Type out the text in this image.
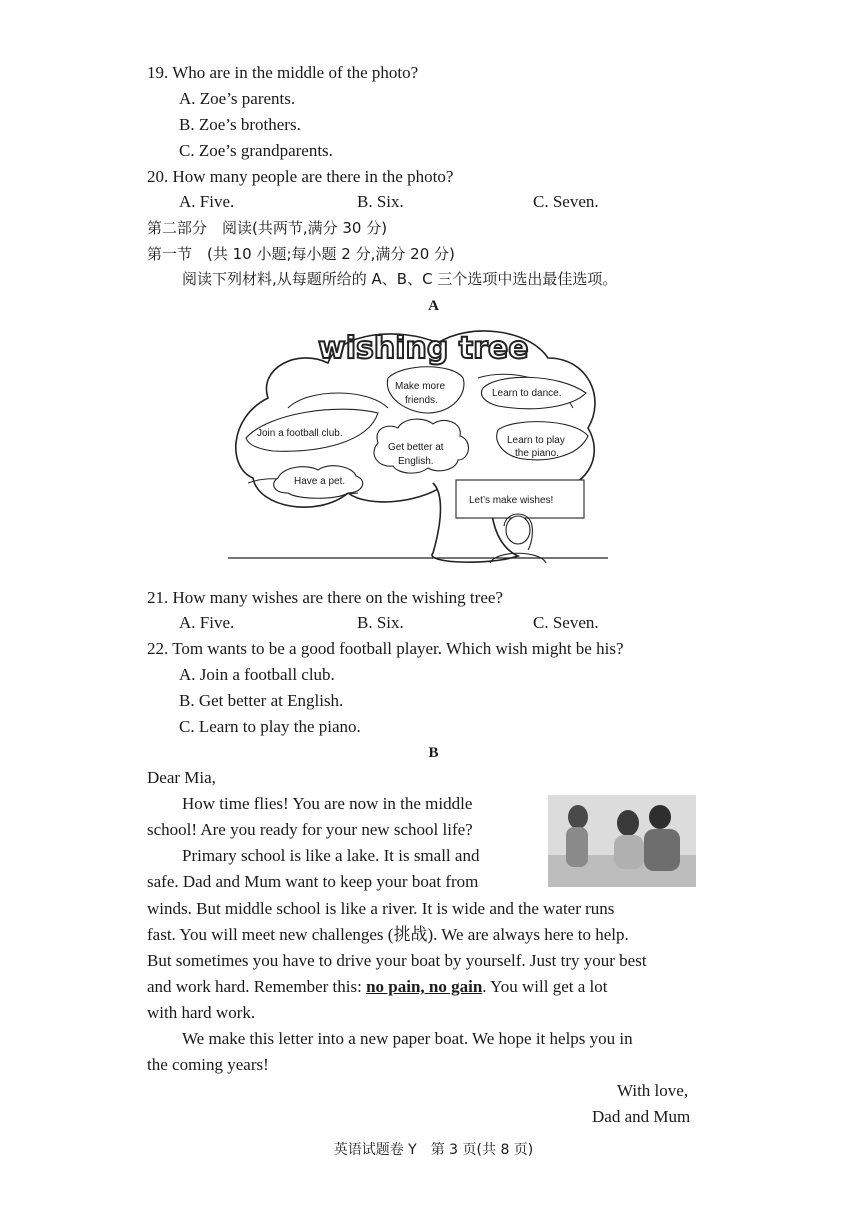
19. Who are in the middle of the photo?
A. Zoe’s parents.
B. Zoe’s brothers.
C. Zoe’s grandparents.
20. How many people are there in the photo?
A. Five.	B. Six.	C. Seven.
第二部分　阅读(共两节,满分 30 分)
第一节　(共 10 小题;每小题 2 分,满分 20 分)
阅读下列材料,从每题所给的 A、B、C 三个选项中选出最佳选项。
A
wishing tree
Make more
friends.
Learn to dance.
Join a football club.
Get better at
English.
Learn to play
the piano.
Have a pet.
Let’s make wishes!
21. How many wishes are there on the wishing tree?
A. Five.	B. Six.	C. Seven.
22. Tom wants to be a good football player. Which wish might be his?
A. Join a football club.
B. Get better at English.
C. Learn to play the piano.
B
Dear Mia,
How time flies! You are now in the middle
school! Are you ready for your new school life?
Primary school is like a lake. It is small and
safe. Dad and Mum want to keep your boat from
winds. But middle school is like a river. It is wide and the water runs
fast. You will meet new challenges (挑战). We are always here to help.
But sometimes you have to drive your boat by yourself. Just try your best
and work hard. Remember this: no pain, no gain. You will get a lot
with hard work.
We make this letter into a new paper boat. We hope it helps you in
the coming years!
With love,
Dad and Mum
英语试题卷 Y　第 3 页(共 8 页)
